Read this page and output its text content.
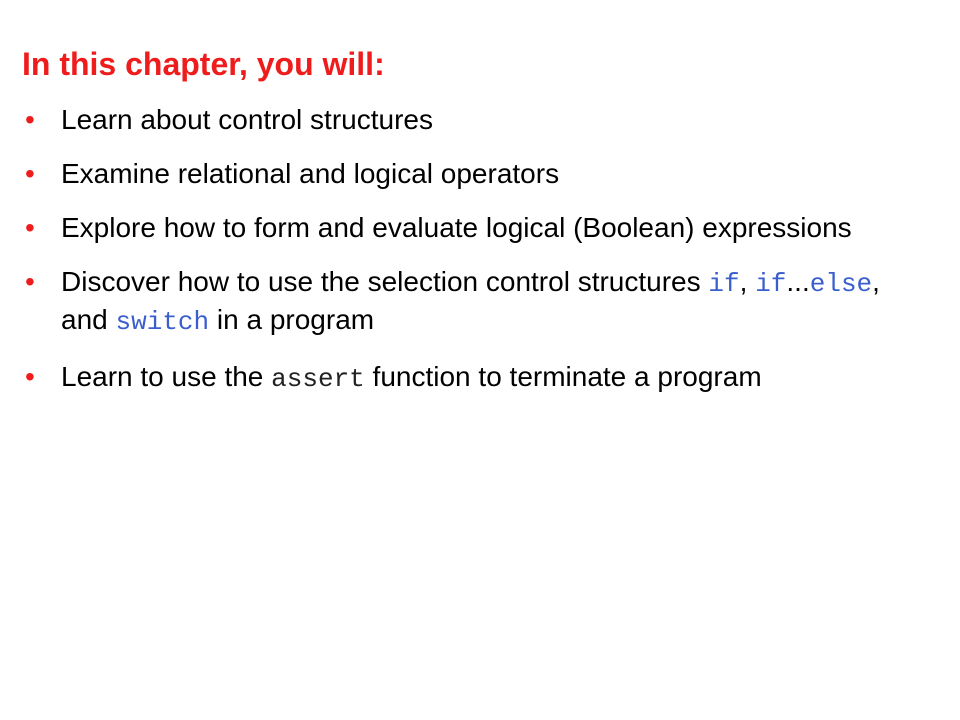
In this chapter, you will:
• Learn about control structures
• Examine relational and logical operators
• Explore how to form and evaluate logical (Boolean) expressions
• Discover how to use the selection control structures if, if...else, and switch in a program
• Learn to use the assert function to terminate a program
